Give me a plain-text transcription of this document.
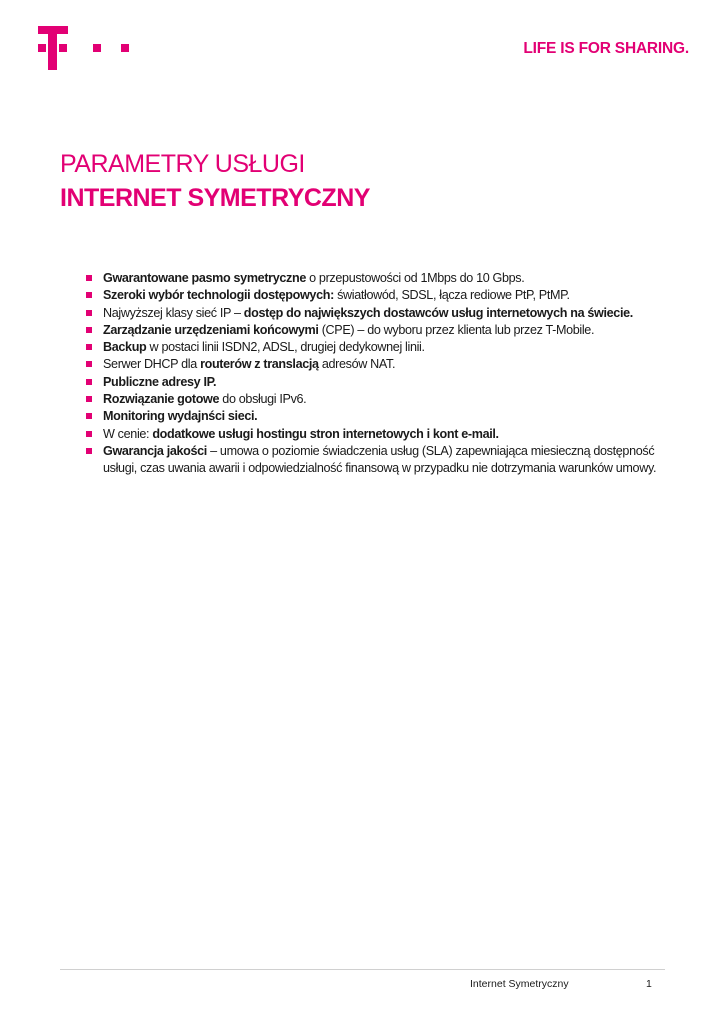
LIFE IS FOR SHARING.
PARAMETRY USŁUGI
INTERNET SYMETRYCZNY
Gwarantowane pasmo symetryczne o przepustowości od 1Mbps do 10 Gbps.
Szeroki wybór technologii dostępowych: światłowód, SDSL, łącza rediowe PtP, PtMP.
Najwyższej klasy sieć IP – dostęp do największych dostawców usług internetowych na świecie.
Zarządzanie urzędzeniami końcowymi (CPE) – do wyboru przez klienta lub przez T-Mobile.
Backup w postaci linii ISDN2, ADSL, drugiej dedykownej linii.
Serwer DHCP dla routerów z translacją adresów NAT.
Publiczne adresy IP.
Rozwiązanie gotowe do obsługi IPv6.
Monitoring wydajnści sieci.
W cenie: dodatkowe usługi hostingu stron internetowych i kont e-mail.
Gwarancja jakości – umowa o poziomie świadczenia usług (SLA) zapewniająca miesieczną dostępność usługi, czas uwania awarii i odpowiedzialność finansową w przypadku nie dotrzymania warunków umowy.
Internet Symetryczny	1
